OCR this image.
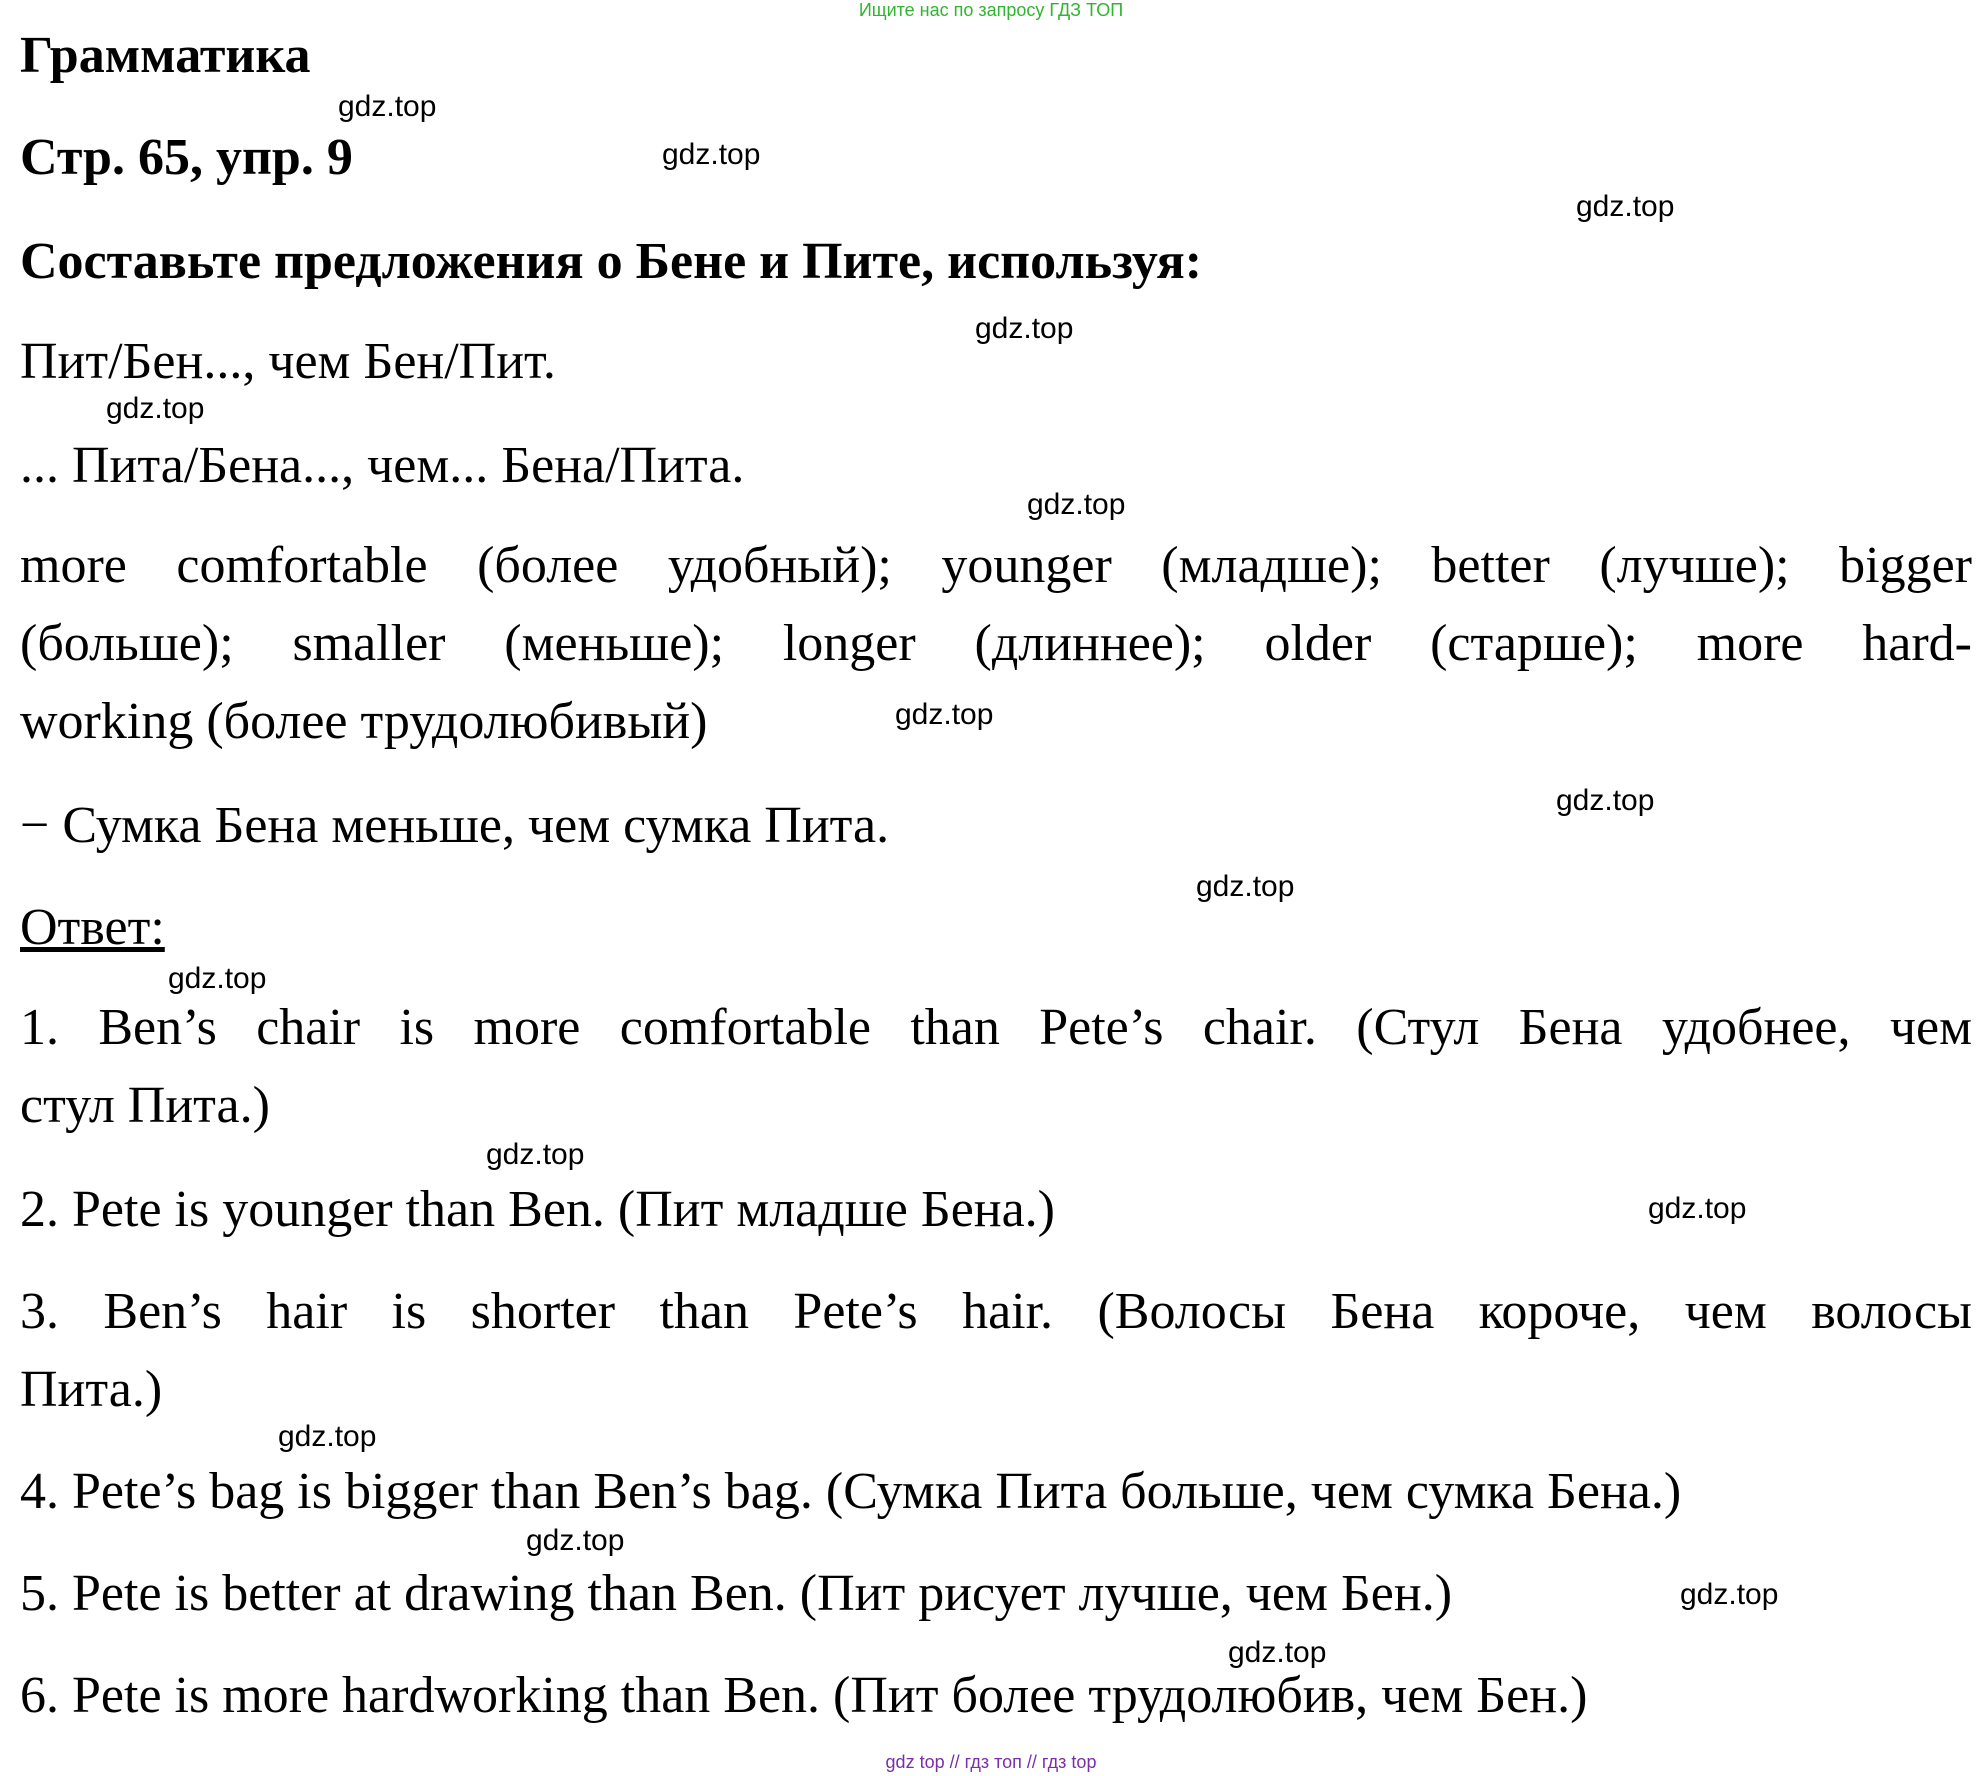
Ищите нас по запросу ГДЗ ТОП
Грамматика
Стр. 65, упр. 9
Составьте предложения о Бене и Пите, используя:
Пит/Бен..., чем Бен/Пит.
... Пита/Бена..., чем... Бена/Пита.
more comfortable (более удобный); younger (младше); better (лучше); bigger
(больше); smaller (меньше); longer (длиннее); older (старше); more hard-
working (более трудолюбивый)
− Сумка Бена меньше, чем сумка Пита.
Ответ:
1. Ben’s chair is more comfortable than Pete’s chair. (Стул Бена удобнее, чем
стул Пита.)
2. Pete is younger than Ben. (Пит младше Бена.)
3. Ben’s hair is shorter than Pete’s hair. (Волосы Бена короче, чем волосы
Пита.)
4. Pete’s bag is bigger than Ben’s bag. (Сумка Пита больше, чем сумка Бена.)
5. Pete is better at drawing than Ben. (Пит рисует лучше, чем Бен.)
6. Pete is more hardworking than Ben. (Пит более трудолюбив, чем Бен.)
gdz.top
gdz.top
gdz.top
gdz.top
gdz.top
gdz.top
gdz.top
gdz.top
gdz.top
gdz.top
gdz.top
gdz.top
gdz.top
gdz.top
gdz.top
gdz.top
gdz top // гдз топ // гдз top
